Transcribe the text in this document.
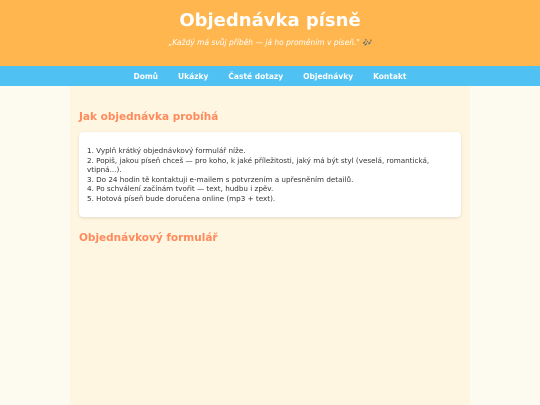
Objednávka písně
„Každý má svůj příběh — já ho proměním v píseň." 🎶
Domů	Ukázky	Časté dotazy	Objednávky	Kontakt
Jak objednávka probíhá
1. Vyplň krátký objednávkový formulář níže.
2. Popiš, jakou píseň chceš — pro koho, k jaké příležitosti, jaký má být styl (veselá, romantická, vtipná...).
3. Do 24 hodin tě kontaktuji e-mailem s potvrzením a upřesněním detailů.
4. Po schválení začínám tvořit — text, hudbu i zpěv.
5. Hotová píseň bude doručena online (mp3 + text).
Objednávkový formulář
